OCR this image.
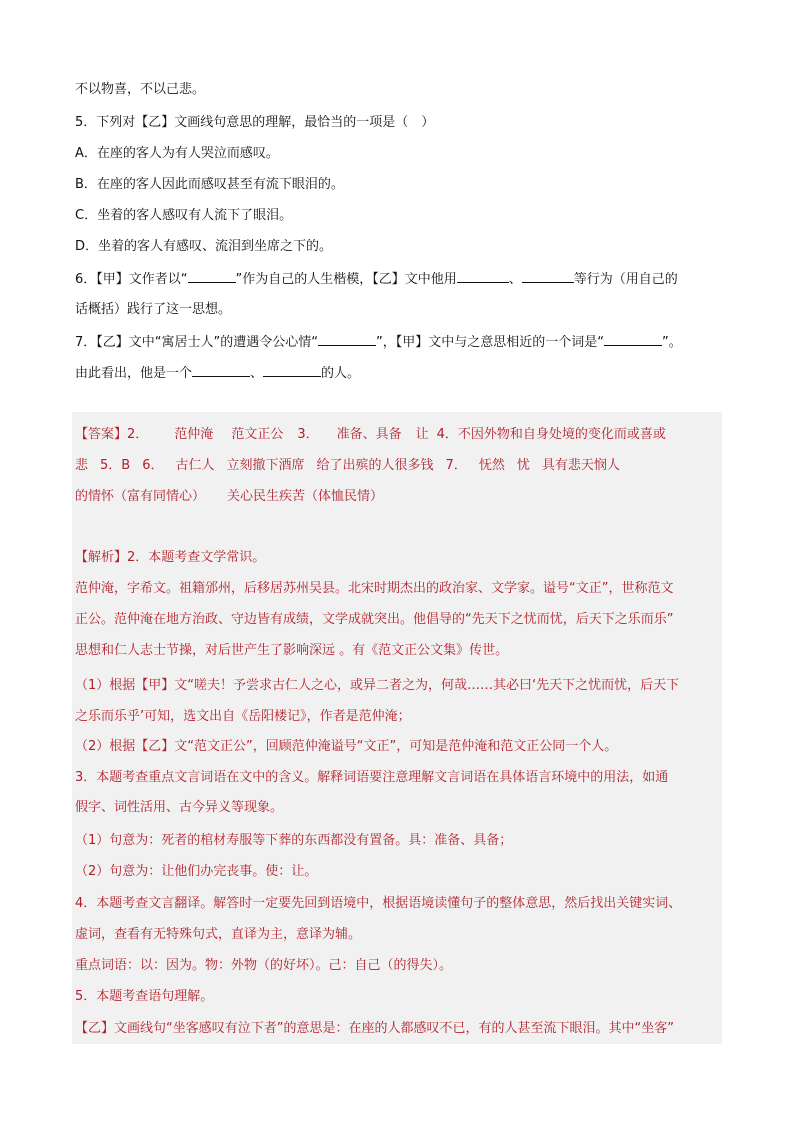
不以物喜，不以己悲。
5．下列对【乙】文画线句意思的理解，最恰当的一项是（　）
A．在座的客人为有人哭泣而感叹。
B．在座的客人因此而感叹甚至有流下眼泪的。
C．坐着的客人感叹有人流下了眼泪。
D．坐着的客人有感叹、流泪到坐席之下的。
6．【甲】文作者以“	”作为自己的人生楷模，【乙】文中他用	、	等行为（用自己的
话概括）践行了这一思想。
7．【乙】文中“寓居士人”的遭遇令公心情“	”，【甲】文中与之意思相近的一个词是“	”。
由此看出，他是一个	、	的人。
【答案】2． 范仲淹 范文正公 3． 准备、具备 让 4．不因外物和自身处境的变化而或喜或
悲 5．B 6． 古仁人 立刻撤下酒席 给了出殡的人很多钱 7． 怃然 忧 具有悲天悯人
的情怀（富有同情心） 关心民生疾苦（体恤民情）
【解析】2．本题考查文学常识。
范仲淹，字希文。祖籍邠州，后移居苏州吴县。北宋时期杰出的政治家、文学家。谥号“文正”，世称范文
正公。范仲淹在地方治政、守边皆有成绩，文学成就突出。他倡导的“先天下之忧而忧，后天下之乐而乐”
思想和仁人志士节操，对后世产生了影响深远 。有《范文正公文集》传世。
（1）根据【甲】文“嗟夫！予尝求古仁人之心，或异二者之为，何哉……其必曰‘先天下之忧而忧，后天下
之乐而乐乎’可知，选文出自《岳阳楼记》，作者是范仲淹；
（2）根据【乙】文“范文正公”，回顾范仲淹谥号“文正”，可知是范仲淹和范文正公同一个人。
3．本题考查重点文言词语在文中的含义。解释词语要注意理解文言词语在具体语言环境中的用法，如通
假字、词性活用、古今异义等现象。
（1）句意为：死者的棺材寿服等下葬的东西都没有置备。具：准备、具备；
（2）句意为：让他们办完丧事。使：让。
4．本题考查文言翻译。解答时一定要先回到语境中，根据语境读懂句子的整体意思，然后找出关键实词、
虚词，查看有无特殊句式，直译为主，意译为辅。
重点词语：以：因为。物：外物（的好坏）。己：自己（的得失）。
5．本题考查语句理解。
【乙】文画线句“坐客感叹有泣下者”的意思是：在座的人都感叹不已，有的人甚至流下眼泪。其中“坐客”
